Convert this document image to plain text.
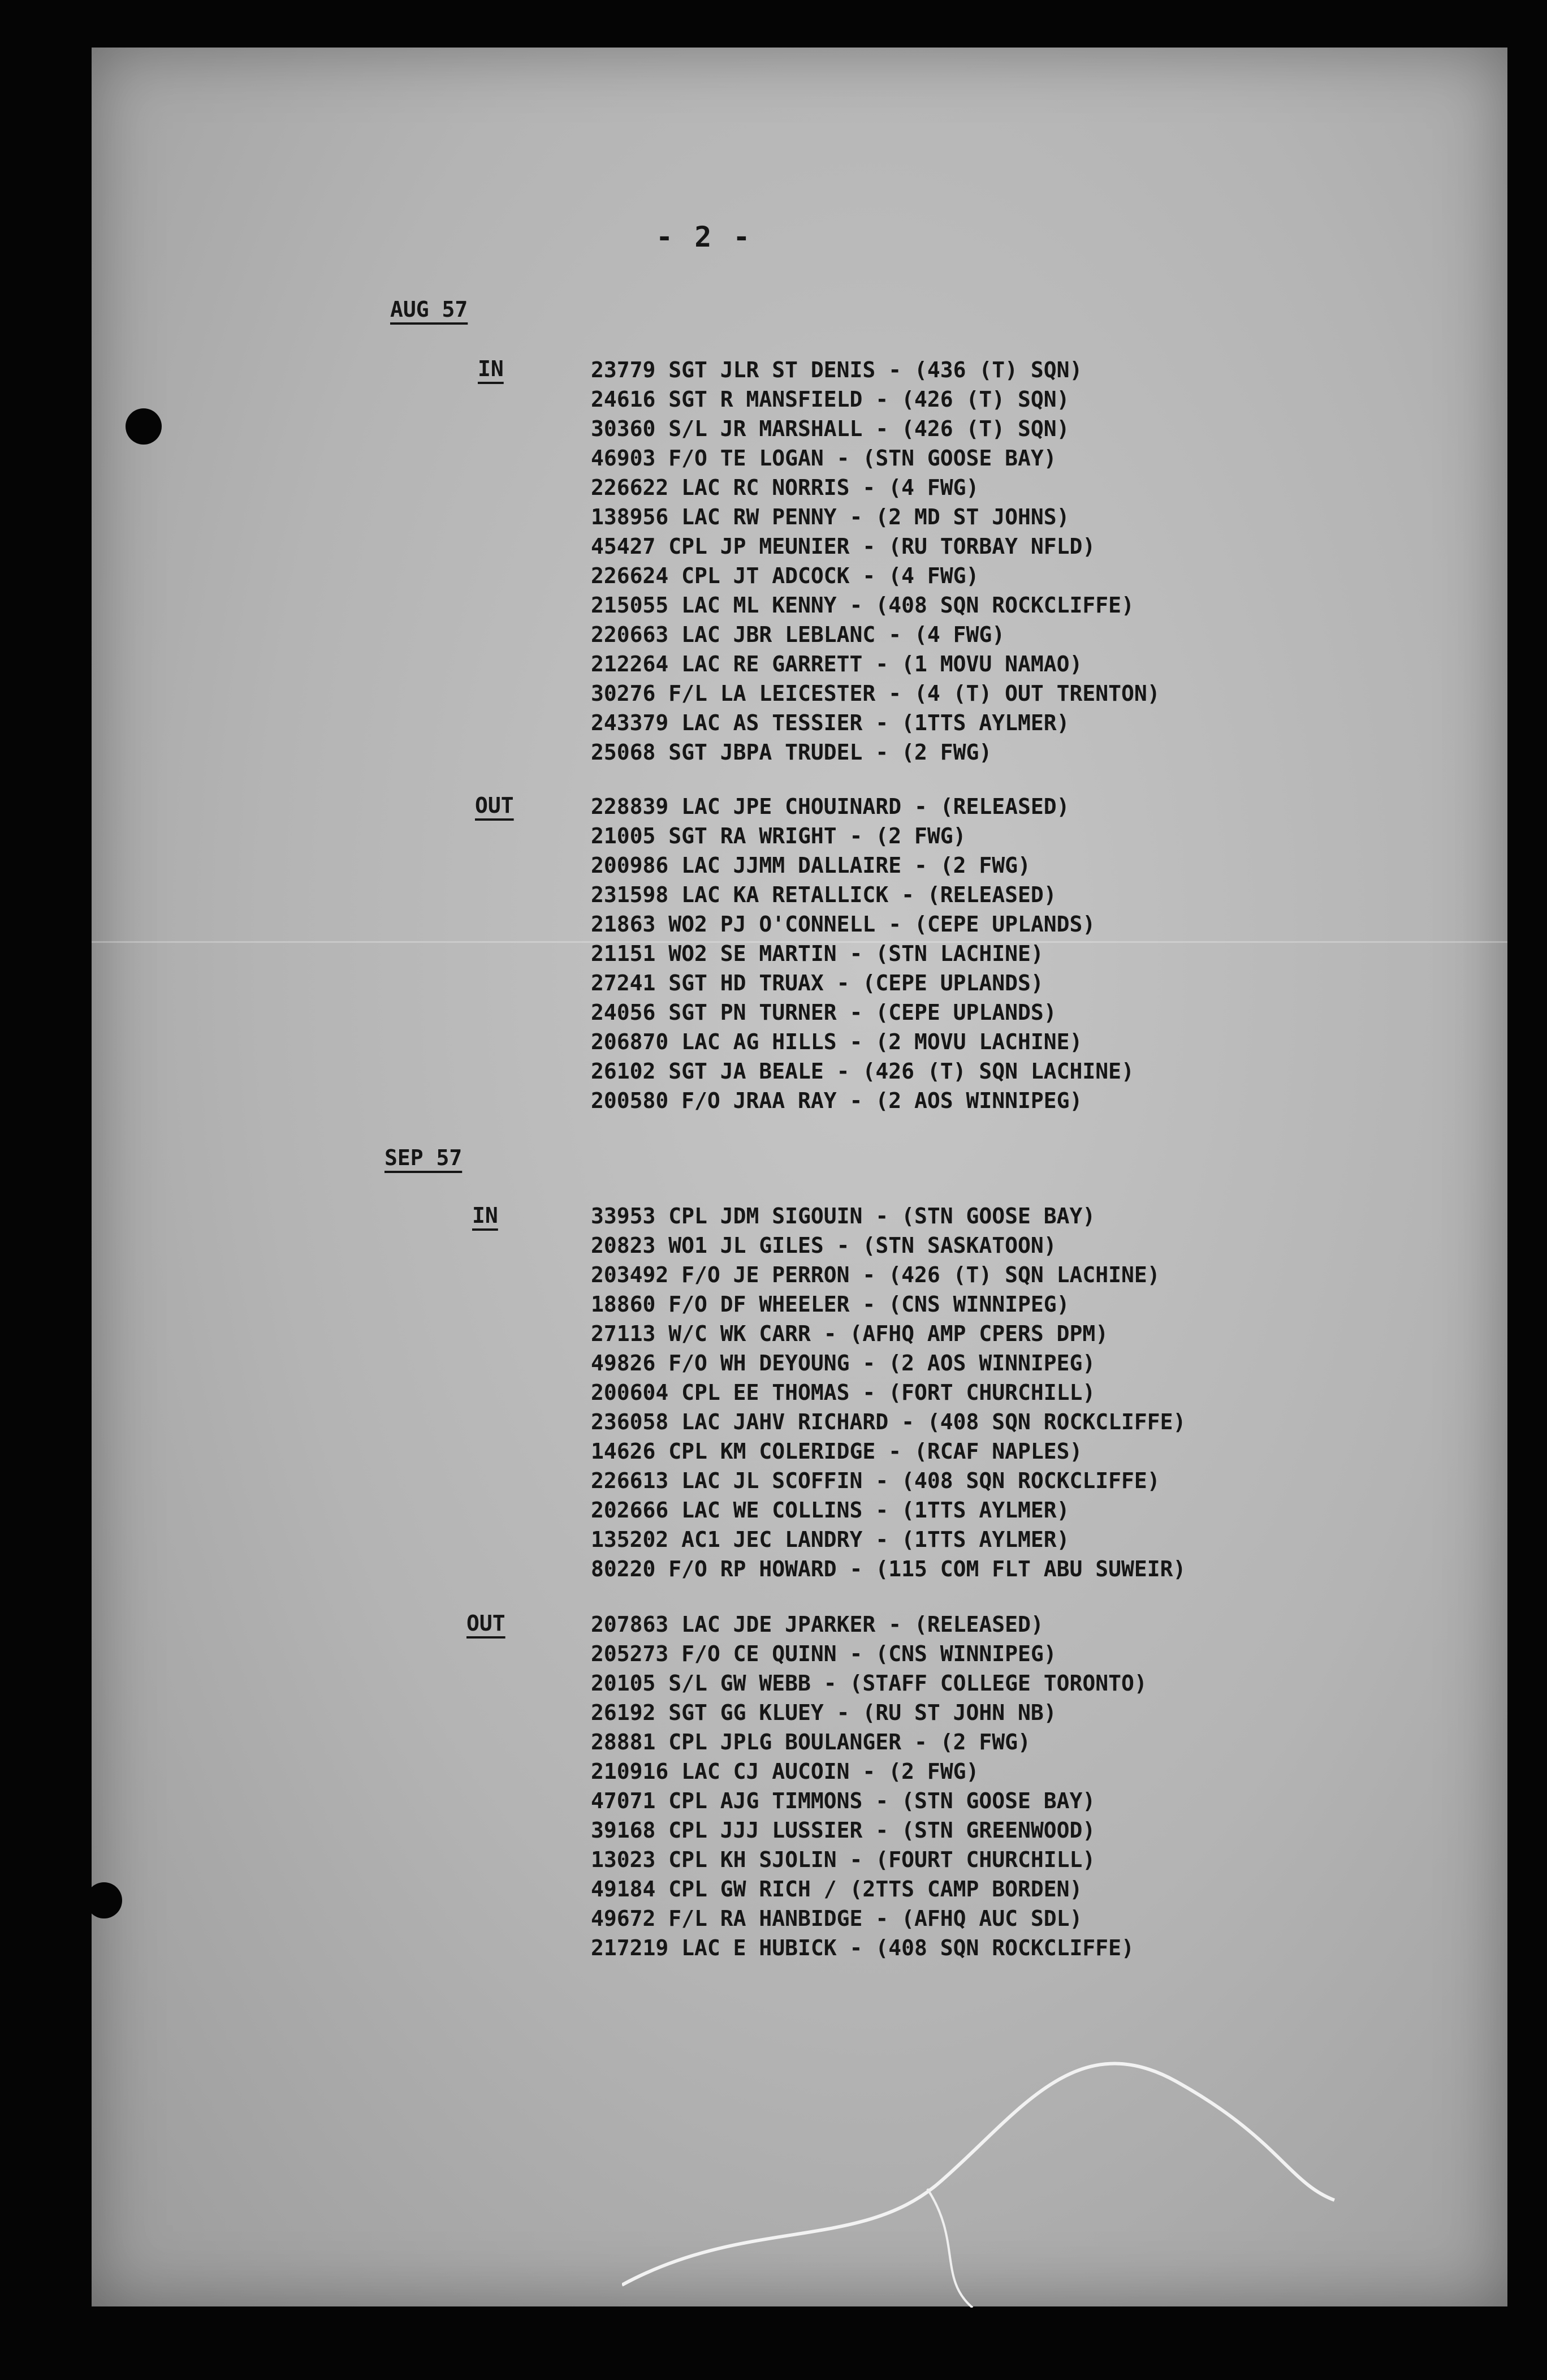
- 2 -
AUG 57
IN	23779 SGT JLR ST DENIS - (436 (T) SQN)
24616 SGT R MANSFIELD - (426 (T) SQN)
30360 S/L JR MARSHALL - (426 (T) SQN)
46903 F/O TE LOGAN - (STN GOOSE BAY)
226622 LAC RC NORRIS - (4 FWG)
138956 LAC RW PENNY - (2 MD ST JOHNS)
45427 CPL JP MEUNIER - (RU TORBAY NFLD)
226624 CPL JT ADCOCK - (4 FWG)
215055 LAC ML KENNY - (408 SQN ROCKCLIFFE)
220663 LAC JBR LEBLANC - (4 FWG)
212264 LAC RE GARRETT - (1 MOVU NAMAO)
30276 F/L LA LEICESTER - (4 (T) OUT TRENTON)
243379 LAC AS TESSIER - (1TTS AYLMER)
25068 SGT JBPA TRUDEL - (2 FWG)
OUT	228839 LAC JPE CHOUINARD - (RELEASED)
21005 SGT RA WRIGHT - (2 FWG)
200986 LAC JJMM DALLAIRE - (2 FWG)
231598 LAC KA RETALLICK - (RELEASED)
21863 WO2 PJ O'CONNELL - (CEPE UPLANDS)
21151 WO2 SE MARTIN - (STN LACHINE)
27241 SGT HD TRUAX - (CEPE UPLANDS)
24056 SGT PN TURNER - (CEPE UPLANDS)
206870 LAC AG HILLS - (2 MOVU LACHINE)
26102 SGT JA BEALE - (426 (T) SQN LACHINE)
200580 F/O JRAA RAY - (2 AOS WINNIPEG)
SEP 57
IN	33953 CPL JDM SIGOUIN - (STN GOOSE BAY)
20823 WO1 JL GILES - (STN SASKATOON)
203492 F/O JE PERRON - (426 (T) SQN LACHINE)
18860 F/O DF WHEELER - (CNS WINNIPEG)
27113 W/C WK CARR - (AFHQ AMP CPERS DPM)
49826 F/O WH DEYOUNG - (2 AOS WINNIPEG)
200604 CPL EE THOMAS - (FORT CHURCHILL)
236058 LAC JAHV RICHARD - (408 SQN ROCKCLIFFE)
14626 CPL KM COLERIDGE - (RCAF NAPLES)
226613 LAC JL SCOFFIN - (408 SQN ROCKCLIFFE)
202666 LAC WE COLLINS - (1TTS AYLMER)
135202 AC1 JEC LANDRY - (1TTS AYLMER)
80220 F/O RP HOWARD - (115 COM FLT ABU SUWEIR)
OUT	207863 LAC JDE JPARKER - (RELEASED)
205273 F/O CE QUINN - (CNS WINNIPEG)
20105 S/L GW WEBB - (STAFF COLLEGE TORONTO)
26192 SGT GG KLUEY - (RU ST JOHN NB)
28881 CPL JPLG BOULANGER - (2 FWG)
210916 LAC CJ AUCOIN - (2 FWG)
47071 CPL AJG TIMMONS - (STN GOOSE BAY)
39168 CPL JJJ LUSSIER - (STN GREENWOOD)
13023 CPL KH SJOLIN - (FOURT CHURCHILL)
49184 CPL GW RICH / (2TTS CAMP BORDEN)
49672 F/L RA HANBIDGE - (AFHQ AUC SDL)
217219 LAC E HUBICK - (408 SQN ROCKCLIFFE)
